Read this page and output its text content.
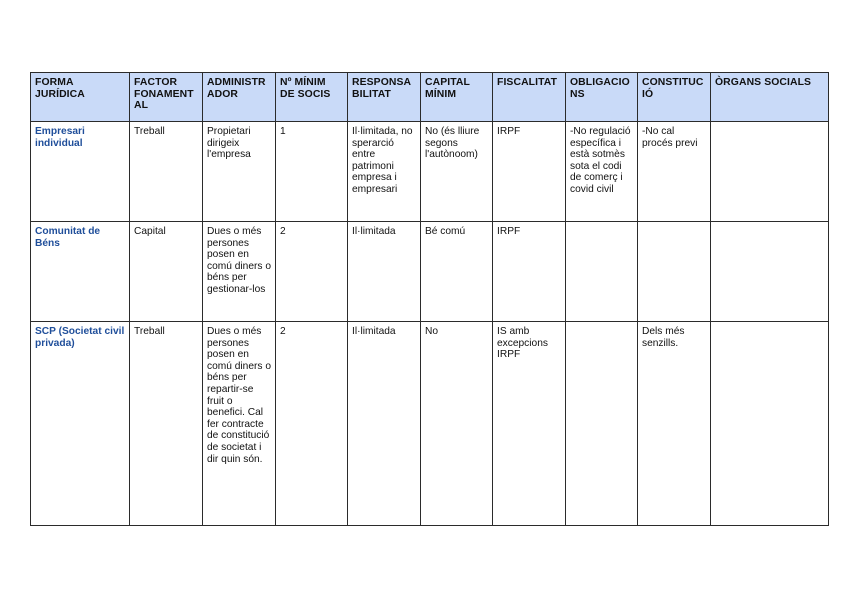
FORMA JURÍDICA	FACTOR FONAMENTAL	ADMINISTRADOR	Nº MÍNIM DE SOCIS	RESPONSABILITAT	CAPITAL MÍNIM	FISCALITAT	OBLIGACIONS	CONSTITUCIÓ	ÒRGANS SOCIALS
Empresari individual	Treball	Propietari dirigeix l'empresa	1	Il·limitada, no sperarció entre patrimoni empresa i empresari	No (és lliure segons l'autònoom)	IRPF	-No regulació específica i està sotmès sota el codi de comerç i covid civil	-No cal procés previ	
Comunitat de Béns	Capital	Dues o més persones posen en comú diners o béns per gestionar-los	2	Il·limitada	Bé comú	IRPF			
SCP (Societat civil privada)	Treball	Dues o més persones posen en comú diners o béns per repartir-se fruit o benefici. Cal fer contracte de constitució de societat i dir quin són.	2	Il·limitada	No	IS amb excepcions IRPF		Dels més senzills.	
